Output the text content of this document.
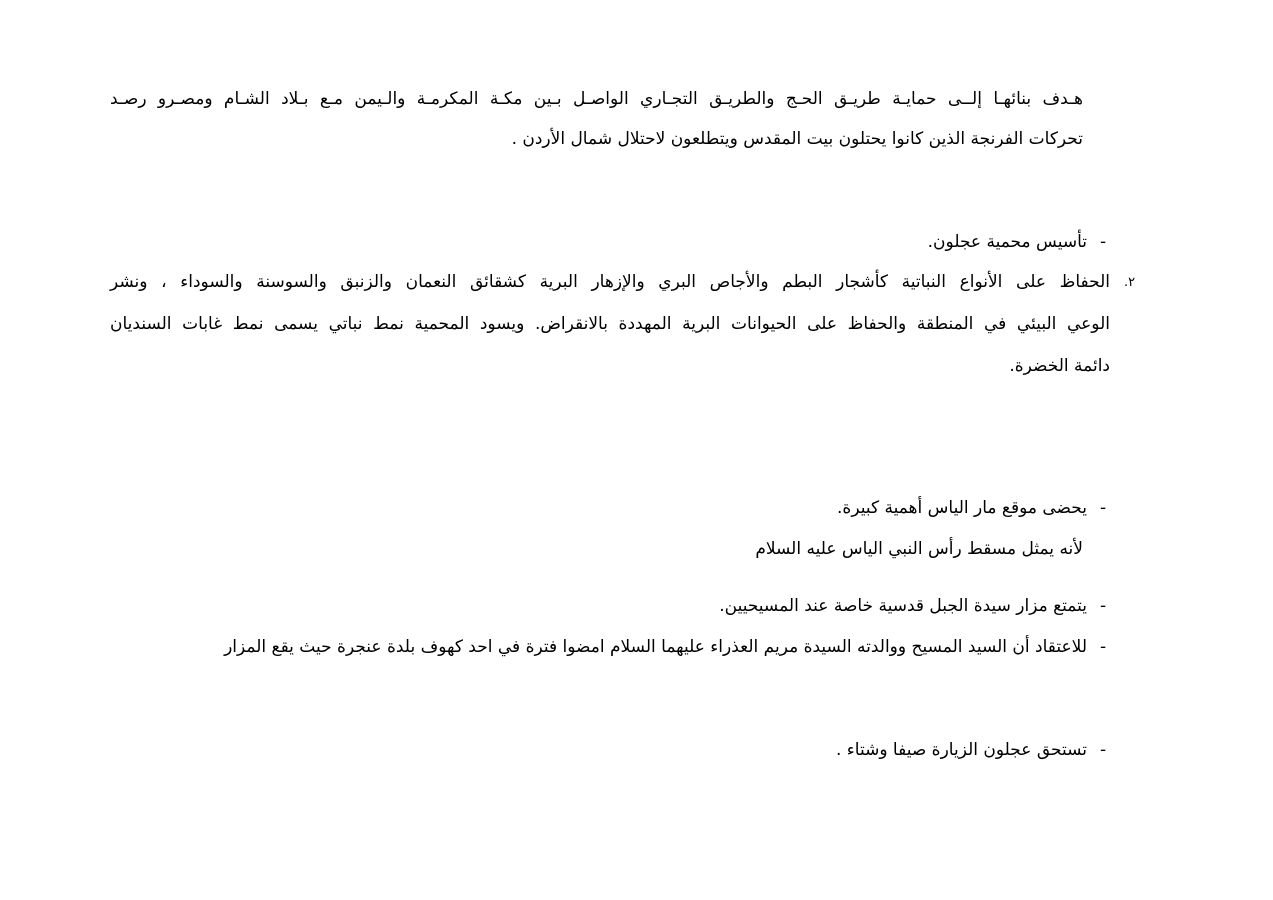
هـدف بنائهـا إلــى حمايـة طريـق الحـج والطريـق التجـاري الواصـل بـين مكـة المكرمـة والـيمن مـع بـلاد الشـام ومصـرو رصـد
تحركات الفرنجة الذين كانوا يحتلون بيت المقدس ويتطلعون لاحتلال شمال الأردن .
-
تأسيس محمية عجلون.
.٢
الحفاظ على الأنواع النباتية كأشجار البطم والأجاص البري والإزهار البرية كشقائق النعمان والزنبق والسوسنة والسوداء ، ونشر
الوعي البيئي في المنطقة والحفاظ على الحيوانات البرية المهددة بالانقراض. ويسود المحمية نمط نباتي يسمى نمط غابات السنديان
دائمة الخضرة.
-
يحضى موقع مار الياس أهمية كبيرة.
لأنه يمثل مسقط رأس النبي الياس عليه السلام
-
يتمتع مزار سيدة الجبل قدسية خاصة عند المسيحيين.
-
للاعتقاد أن السيد المسيح ووالدته السيدة مريم العذراء عليهما السلام امضوا فترة في احد كهوف بلدة عنجرة حيث يقع المزار
-
تستحق عجلون الزيارة صيفا وشتاء .
